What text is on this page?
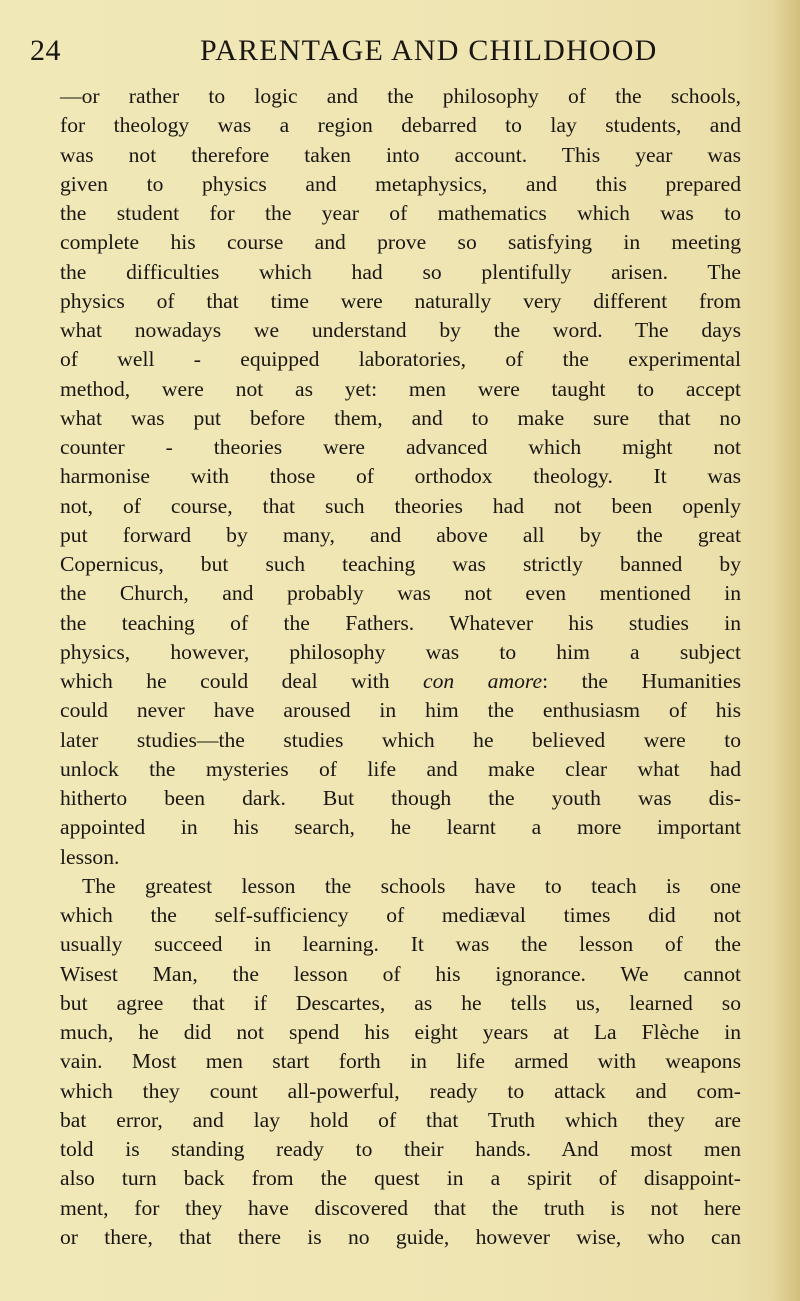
24	PARENTAGE AND CHILDHOOD
—or rather to logic and the philosophy of the schools,
for theology was a region debarred to lay students, and
was not therefore taken into account. This year was
given to physics and metaphysics, and this prepared
the student for the year of mathematics which was to
complete his course and prove so satisfying in meeting
the difficulties which had so plentifully arisen. The
physics of that time were naturally very different from
what nowadays we understand by the word. The days
of well - equipped laboratories, of the experimental
method, were not as yet: men were taught to accept
what was put before them, and to make sure that no
counter - theories were advanced which might not
harmonise with those of orthodox theology. It was
not, of course, that such theories had not been openly
put forward by many, and above all by the great
Copernicus, but such teaching was strictly banned by
the Church, and probably was not even mentioned in
the teaching of the Fathers. Whatever his studies in
physics, however, philosophy was to him a subject
which he could deal with con amore: the Humanities
could never have aroused in him the enthusiasm of his
later studies—the studies which he believed were to
unlock the mysteries of life and make clear what had
hitherto been dark. But though the youth was dis-
appointed in his search, he learnt a more important
lesson.
The greatest lesson the schools have to teach is one
which the self-sufficiency of mediæval times did not
usually succeed in learning. It was the lesson of the
Wisest Man, the lesson of his ignorance. We cannot
but agree that if Descartes, as he tells us, learned so
much, he did not spend his eight years at La Flèche in
vain. Most men start forth in life armed with weapons
which they count all-powerful, ready to attack and com-
bat error, and lay hold of that Truth which they are
told is standing ready to their hands. And most men
also turn back from the quest in a spirit of disappoint-
ment, for they have discovered that the truth is not here
or there, that there is no guide, however wise, who can
